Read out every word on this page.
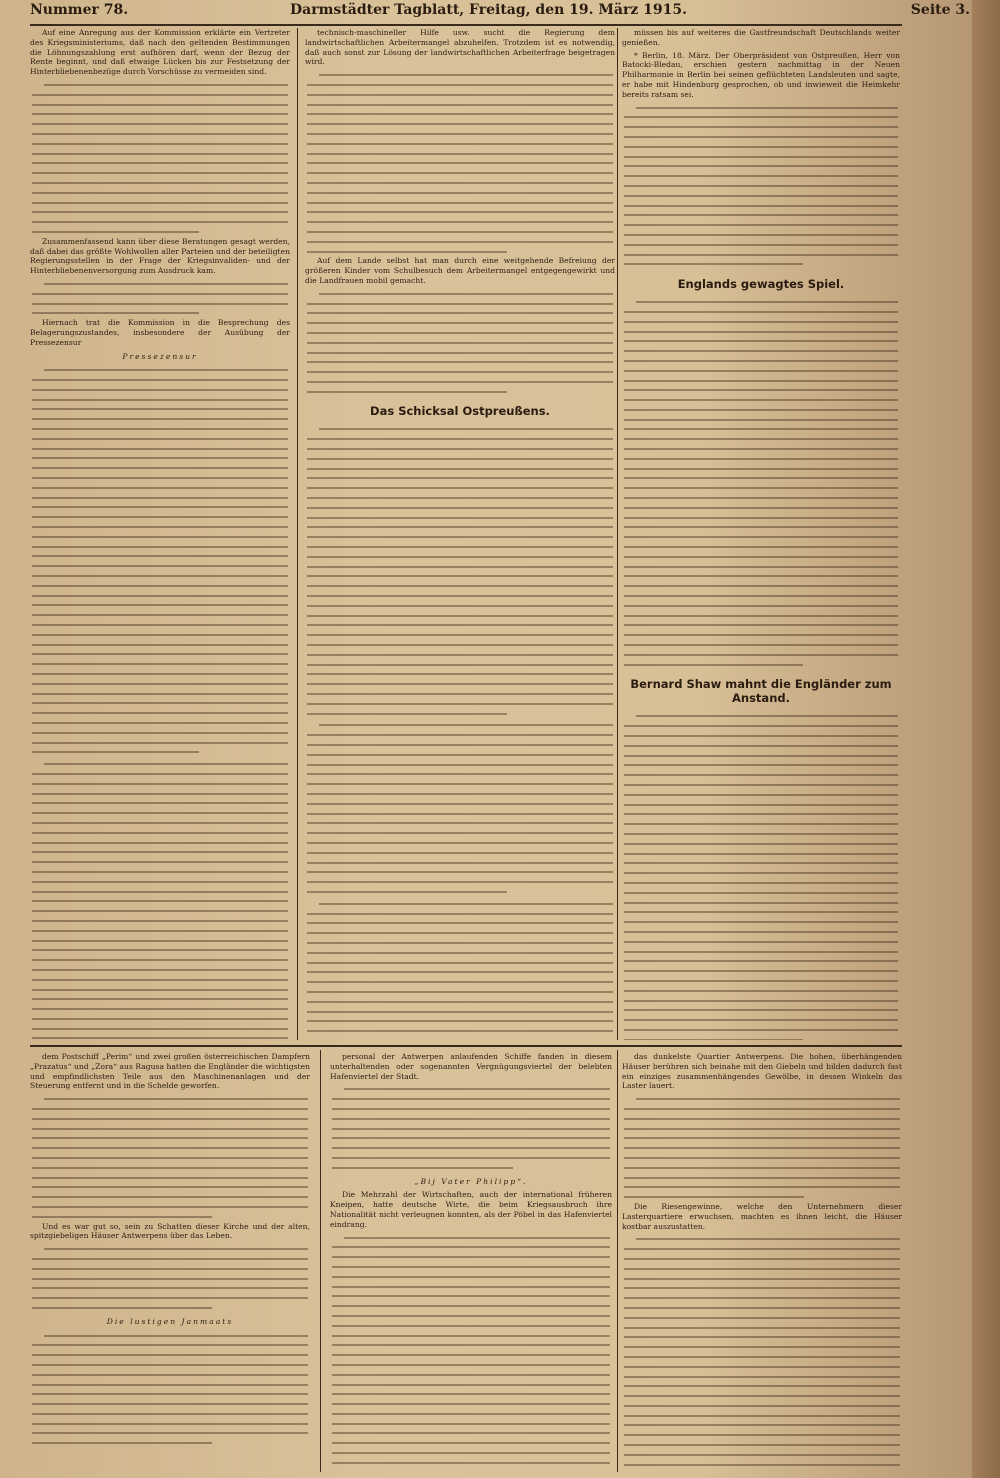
Nummer 78.	Darmstädter Tagblatt, Freitag, den 19. März 1915.	Seite 3.

Auf eine Anregung aus der Kommission erklärte ein Vertreter des Kriegsministeriums, daß nach den geltenden Bestimmungen die Löhnungszahlung erst aufhören darf, wenn der Bezug der Rente beginnt, und daß etwaige Lücken bis zur Festsetzung der Hinterbliebenenbezüge durch Vorschüsse zu vermeiden sind.

Zusammenfassend kann über diese Beratungen gesagt werden, daß dabei das größte Wohlwollen aller Parteien und der beteiligten Regierungsstellen in der Frage der Kriegsinvaliden- und der Hinterbliebenenversorgung zum Ausdruck kam.

Hiernach trat die Kommission in die Besprechung des Belagerungszustandes, insbesondere der Ausübung der Pressezensur

Pressezensur

technisch-maschineller Hilfe usw. sucht die Regierung dem landwirtschaftlichen Arbeitermangel abzuhelfen. Trotzdem ist es notwendig, daß auch sonst zur Lösung der landwirtschaftlichen Arbeiterfrage beigetragen wird.

Auf dem Lande selbst hat man durch eine weitgehende Befreiung der größeren Kinder vom Schulbesuch dem Arbeitermangel entgegengewirkt und die Landfrauen mobil gemacht.

Das Schicksal Ostpreußens.

müssen bis auf weiteres die Gastfreundschaft Deutschlands weiter genießen.

* Berlin, 18. März. Der Oberpräsident von Ostpreußen, Herr von Batocki-Bledau, erschien gestern nachmittag in der Neuen Philharmonie in Berlin bei seinen geflüchteten Landsleuten und sagte, er habe mit Hindenburg gesprochen, ob und inwieweit die Heimkehr bereits ratsam sei.

Englands gewagtes Spiel.
Bernard Shaw mahnt die Engländer zum Anstand.

dem Postschiff „Perim“ und zwei großen österreichischen Dampfern „Prazatus“ und „Zora“ aus Ragusa hatten die Engländer die wichtigsten und empfindlichsten Teile aus den Maschinenanlagen und der Steuerung entfernt und in die Schelde geworfen.

Und es war gut so, sein zu Schatten dieser Kirche und der alten, spitzgiebeligen Häuser Antwerpens über das Leben.

Die lustigen Janmaats

personal der Antwerpen anlaufenden Schiffe fanden in diesem unterhaltenden oder sogenannten Vergnügungsviertel der belebten Hafenviertel der Stadt.

„Bij Vater Philipp“.

Die Mehrzahl der Wirtschaften, auch der international früheren Kneipen, hatte deutsche Wirte, die beim Kriegsausbruch ihre Nationalität nicht verleugnen konnten, als der Pöbel in das Hafenviertel eindrang.

das dunkelste Quartier Antwerpens. Die hohen, überhängenden Häuser berühren sich beinahe mit den Giebeln und bilden dadurch fast ein einziges zusammenhängendes Gewölbe, in dessen Winkeln das Laster lauert.

Die Riesengewinne, welche den Unternehmern dieser Lasterquartiere erwuchsen, machten es ihnen leicht, die Häuser kostbar auszustatten.
